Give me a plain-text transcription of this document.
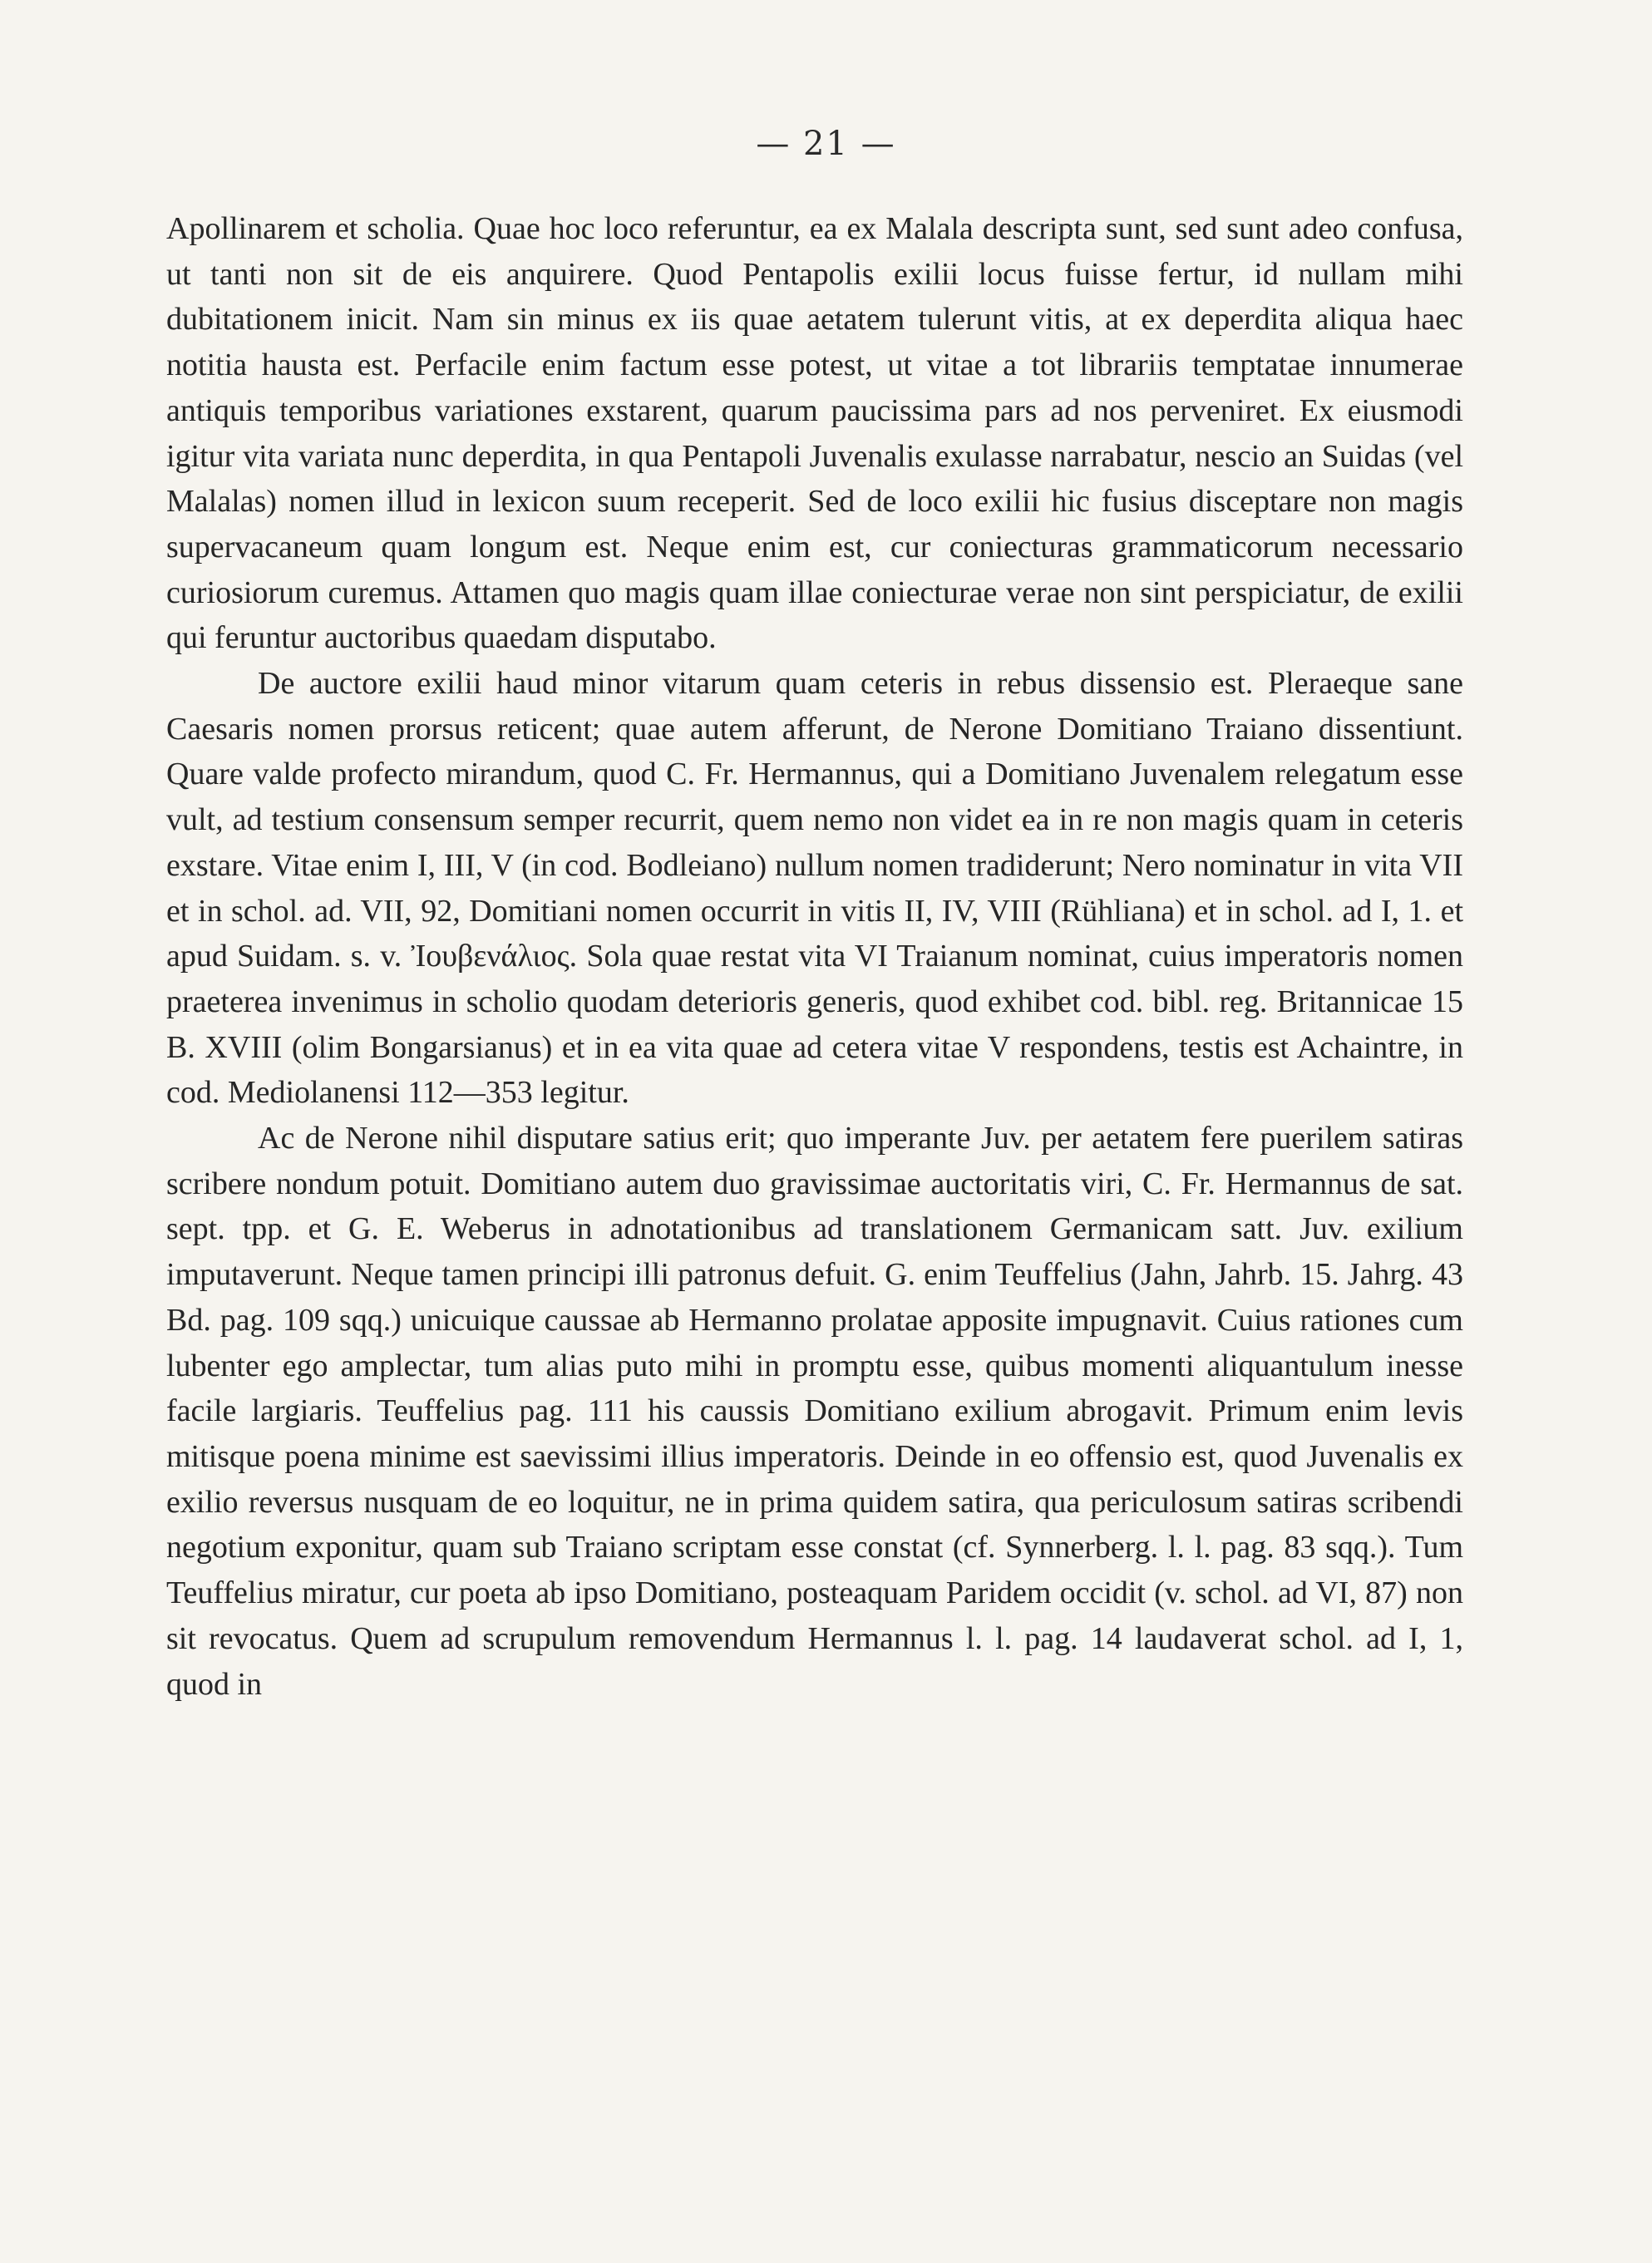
— 21 —

Apollinarem et scholia. Quae hoc loco referuntur, ea ex Malala descripta sunt, sed sunt adeo confusa, ut tanti non sit de eis anquirere. Quod Pentapolis exilii locus fuisse fertur, id nullam mihi dubitationem inicit. Nam sin minus ex iis quae aetatem tulerunt vitis, at ex deperdita aliqua haec notitia hausta est. Perfacile enim factum esse potest, ut vitae a tot librariis temptatae innumerae antiquis temporibus variationes exstarent, quarum paucissima pars ad nos perveniret. Ex eiusmodi igitur vita variata nunc deperdita, in qua Pentapoli Juvenalis exulasse narrabatur, nescio an Suidas (vel Malalas) nomen illud in lexicon suum receperit. Sed de loco exilii hic fusius disceptare non magis supervacaneum quam longum est. Neque enim est, cur coniecturas grammaticorum necessario curiosiorum curemus. Attamen quo magis quam illae coniecturae verae non sint perspiciatur, de exilii qui feruntur auctoribus quaedam disputabo.

De auctore exilii haud minor vitarum quam ceteris in rebus dissensio est. Pleraeque sane Caesaris nomen prorsus reticent; quae autem afferunt, de Nerone Domitiano Traiano dissentiunt. Quare valde profecto mirandum, quod C. Fr. Hermannus, qui a Domitiano Juvenalem relegatum esse vult, ad testium consensum semper recurrit, quem nemo non videt ea in re non magis quam in ceteris exstare. Vitae enim I, III, V (in cod. Bodleiano) nullum nomen tradiderunt; Nero nominatur in vita VII et in schol. ad. VII, 92, Domitiani nomen occurrit in vitis II, IV, VIII (Rühliana) et in schol. ad I, 1. et apud Suidam. s. v. Ἰουβενάλιος. Sola quae restat vita VI Traianum nominat, cuius imperatoris nomen praeterea invenimus in scholio quodam deterioris generis, quod exhibet cod. bibl. reg. Britannicae 15 B. XVIII (olim Bongarsianus) et in ea vita quae ad cetera vitae V respondens, testis est Achaintre, in cod. Mediolanensi 112—353 legitur.

Ac de Nerone nihil disputare satius erit; quo imperante Juv. per aetatem fere puerilem satiras scribere nondum potuit. Domitiano autem duo gravissimae auctoritatis viri, C. Fr. Hermannus de sat. sept. tpp. et G. E. Weberus in adnotationibus ad translationem Germanicam satt. Juv. exilium imputaverunt. Neque tamen principi illi patronus defuit. G. enim Teuffelius (Jahn, Jahrb. 15. Jahrg. 43 Bd. pag. 109 sqq.) unicuique caussae ab Hermanno prolatae apposite impugnavit. Cuius rationes cum lubenter ego amplectar, tum alias puto mihi in promptu esse, quibus momenti aliquantulum inesse facile largiaris. Teuffelius pag. 111 his caussis Domitiano exilium abrogavit. Primum enim levis mitisque poena minime est saevissimi illius imperatoris. Deinde in eo offensio est, quod Juvenalis ex exilio reversus nusquam de eo loquitur, ne in prima quidem satira, qua periculosum satiras scribendi negotium exponitur, quam sub Traiano scriptam esse constat (cf. Synnerberg. l. l. pag. 83 sqq.). Tum Teuffelius miratur, cur poeta ab ipso Domitiano, posteaquam Paridem occidit (v. schol. ad VI, 87) non sit revocatus. Quem ad scrupulum removendum Hermannus l. l. pag. 14 laudaverat schol. ad I, 1, quod in
